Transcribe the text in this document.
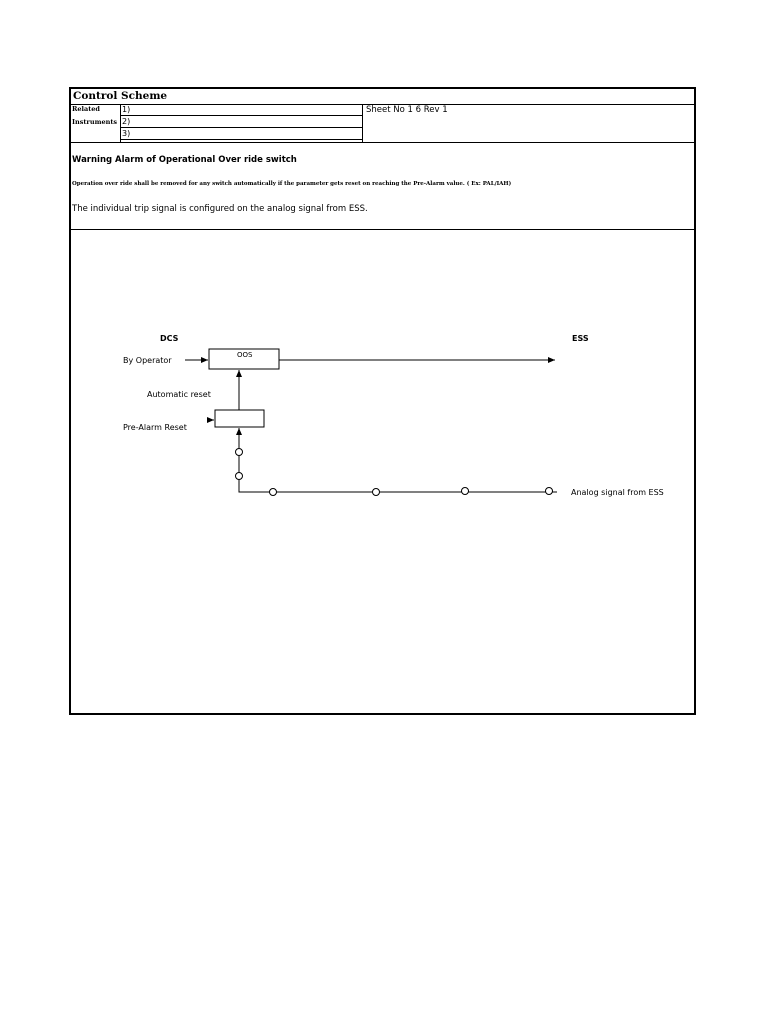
Control Scheme
Related
Instruments
1)
2)
3)
Sheet No 1 6 Rev 1
Warning Alarm of Operational Over ride switch
Operation over ride shall be removed for any switch automatically if the parameter gets reset on reaching the Pre-Alarm value. ( Ex: PAL/IAH)
The individual trip signal is configured on the analog signal from ESS.
DCS	ESS
By Operator
Automatic reset
Pre-Alarm Reset
Analog signal from ESS
OOS
